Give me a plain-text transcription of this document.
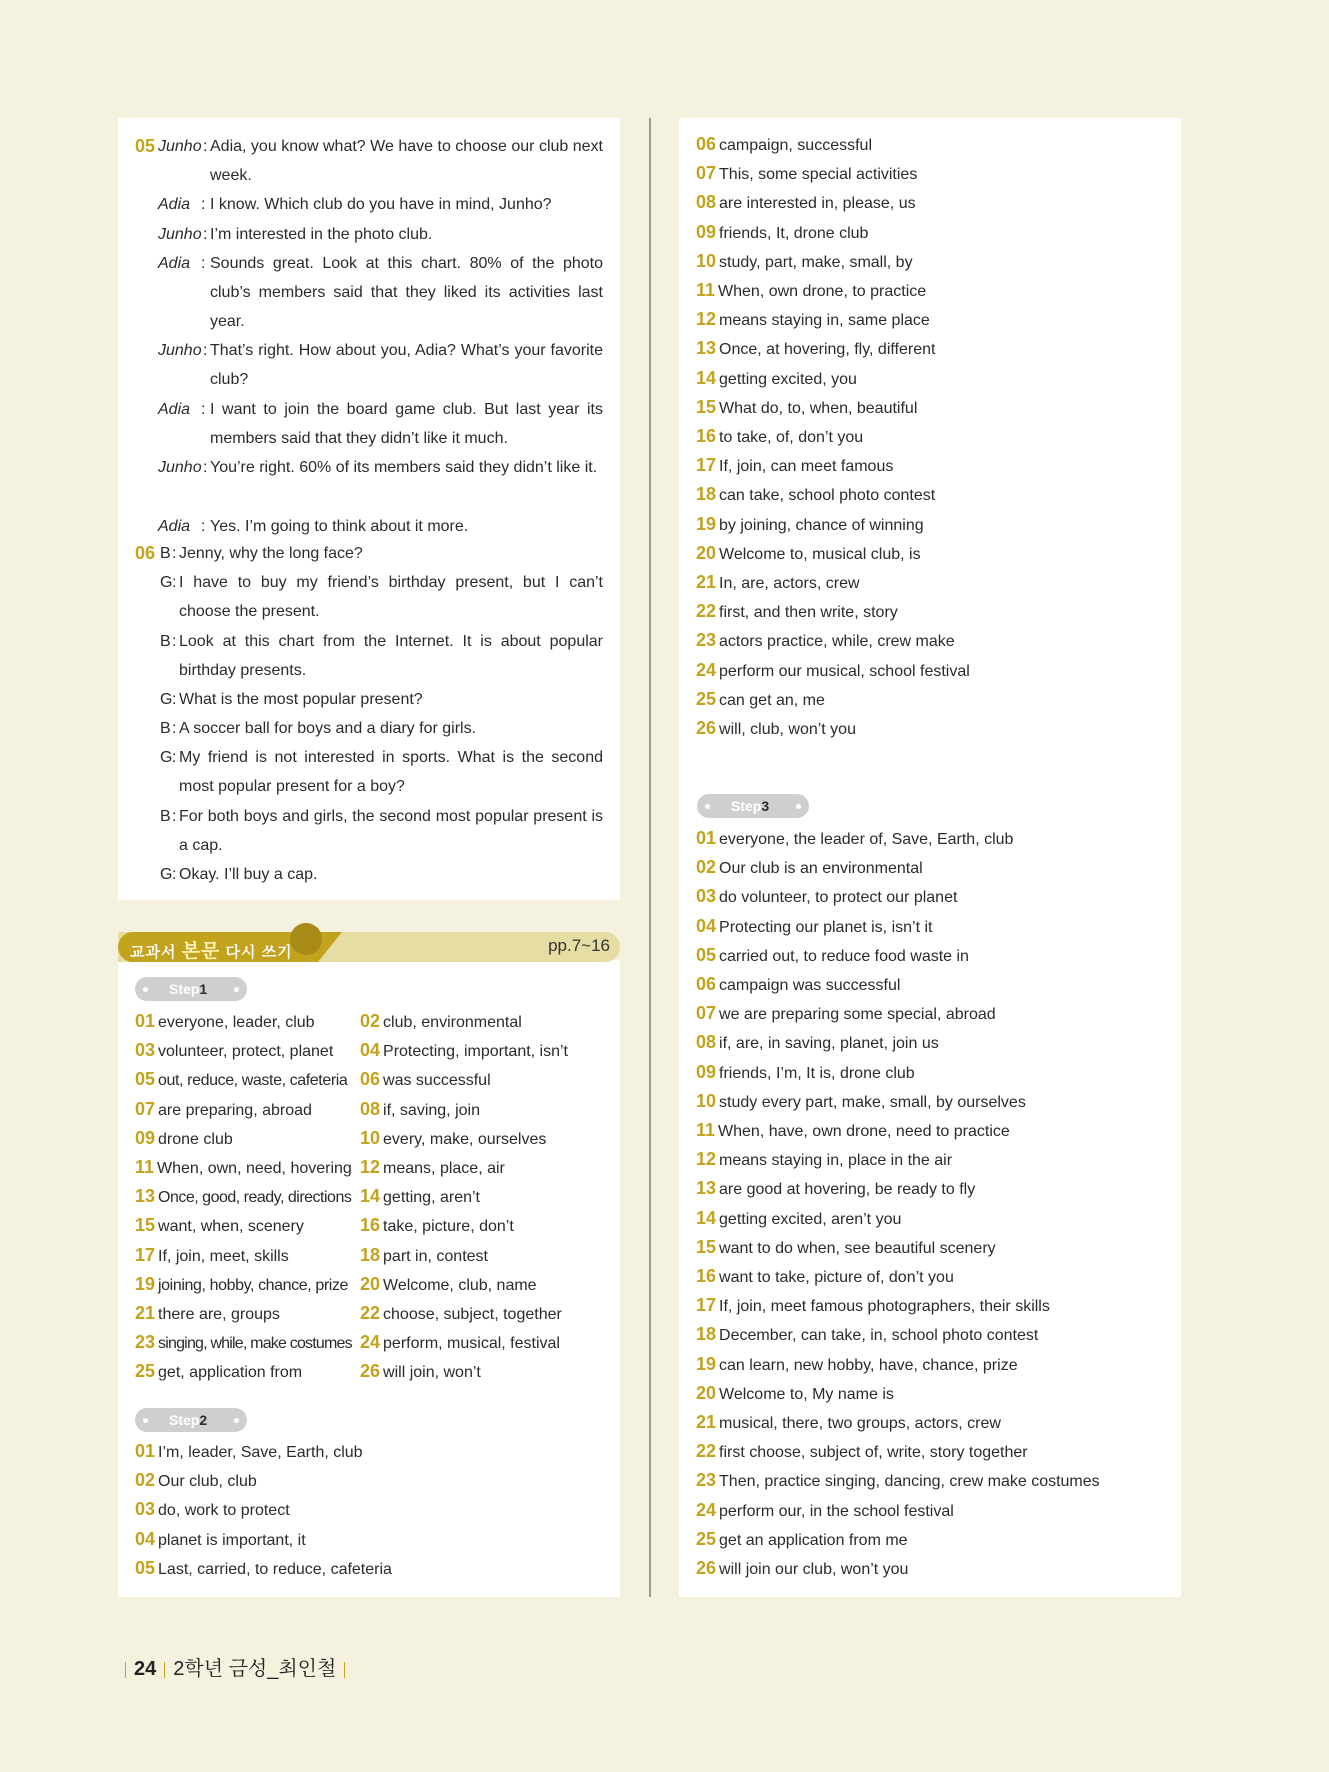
05 Junho : Adia, you know what? We have to choose our club next week.
Adia : I know. Which club do you have in mind, Junho?
Junho : I’m interested in the photo club.
Adia : Sounds great. Look at this chart. 80% of the photo club’s members said that they liked its activities last year.
Junho : That’s right. How about you, Adia? What’s your favorite club?
Adia : I want to join the board game club. But last year its members said that they didn’t like it much.
Junho : You’re right. 60% of its members said they didn’t like it.
Adia : Yes. I’m going to think about it more.
06 B : Jenny, why the long face?
G : I have to buy my friend’s birthday present, but I can’t choose the present.
B : Look at this chart from the Internet. It is about popular birthday presents.
G : What is the most popular present?
B : A soccer ball for boys and a diary for girls.
G : My friend is not interested in sports. What is the second most popular present for a boy?
B : For both boys and girls, the second most popular present is a cap.
G : Okay. I’ll buy a cap.
교과서 본문 다시 쓰기	pp.7~16
Step1
Step2
Step3
01 everyone, leader, club	02 club, environmental
03 volunteer, protect, planet 04 Protecting, important, isn’t
05 out, reduce, waste, cafeteria 06 was successful
07 are preparing, abroad	08 if, saving, join
09 drone club	10 every, make, ourselves
11 When, own, need, hovering 12 means, place, air
13 Once, good, ready, directions 14 getting, aren’t
15 want, when, scenery	16 take, picture, don’t
17 If, join, meet, skills	18 part in, contest
19 joining, hobby, chance, prize 20 Welcome, club, name
21 there are, groups	22 choose, subject, together
23 singing, while, make costumes 24 perform, musical, festival
25 get, application from	26 will join, won’t
01 I’m, leader, Save, Earth, club
02 Our club, club
03 do, work to protect
04 planet is important, it
05 Last, carried, to reduce, cafeteria
06 campaign, successful
07 This, some special activities
08 are interested in, please, us
09 friends, It, drone club
10 study, part, make, small, by
11 When, own drone, to practice
12 means staying in, same place
13 Once, at hovering, fly, different
14 getting excited, you
15 What do, to, when, beautiful
16 to take, of, don’t you
17 If, join, can meet famous
18 can take, school photo contest
19 by joining, chance of winning
20 Welcome to, musical club, is
21 In, are, actors, crew
22 first, and then write, story
23 actors practice, while, crew make
24 perform our musical, school festival
25 can get an, me
26 will, club, won’t you
01 everyone, the leader of, Save, Earth, club
02 Our club is an environmental
03 do volunteer, to protect our planet
04 Protecting our planet is, isn’t it
05 carried out, to reduce food waste in
06 campaign was successful
07 we are preparing some special, abroad
08 if, are, in saving, planet, join us
09 friends, I’m, It is, drone club
10 study every part, make, small, by ourselves
11 When, have, own drone, need to practice
12 means staying in, place in the air
13 are good at hovering, be ready to fly
14 getting excited, aren’t you
15 want to do when, see beautiful scenery
16 want to take, picture of, don’t you
17 If, join, meet famous photographers, their skills
18 December, can take, in, school photo contest
19 can learn, new hobby, have, chance, prize
20 Welcome to, My name is
21 musical, there, two groups, actors, crew
22 first choose, subject of, write, story together
23 Then, practice singing, dancing, crew make costumes
24 perform our, in the school festival
25 get an application from me
26 will join our club, won’t you
24 2학년 금성_최인철
